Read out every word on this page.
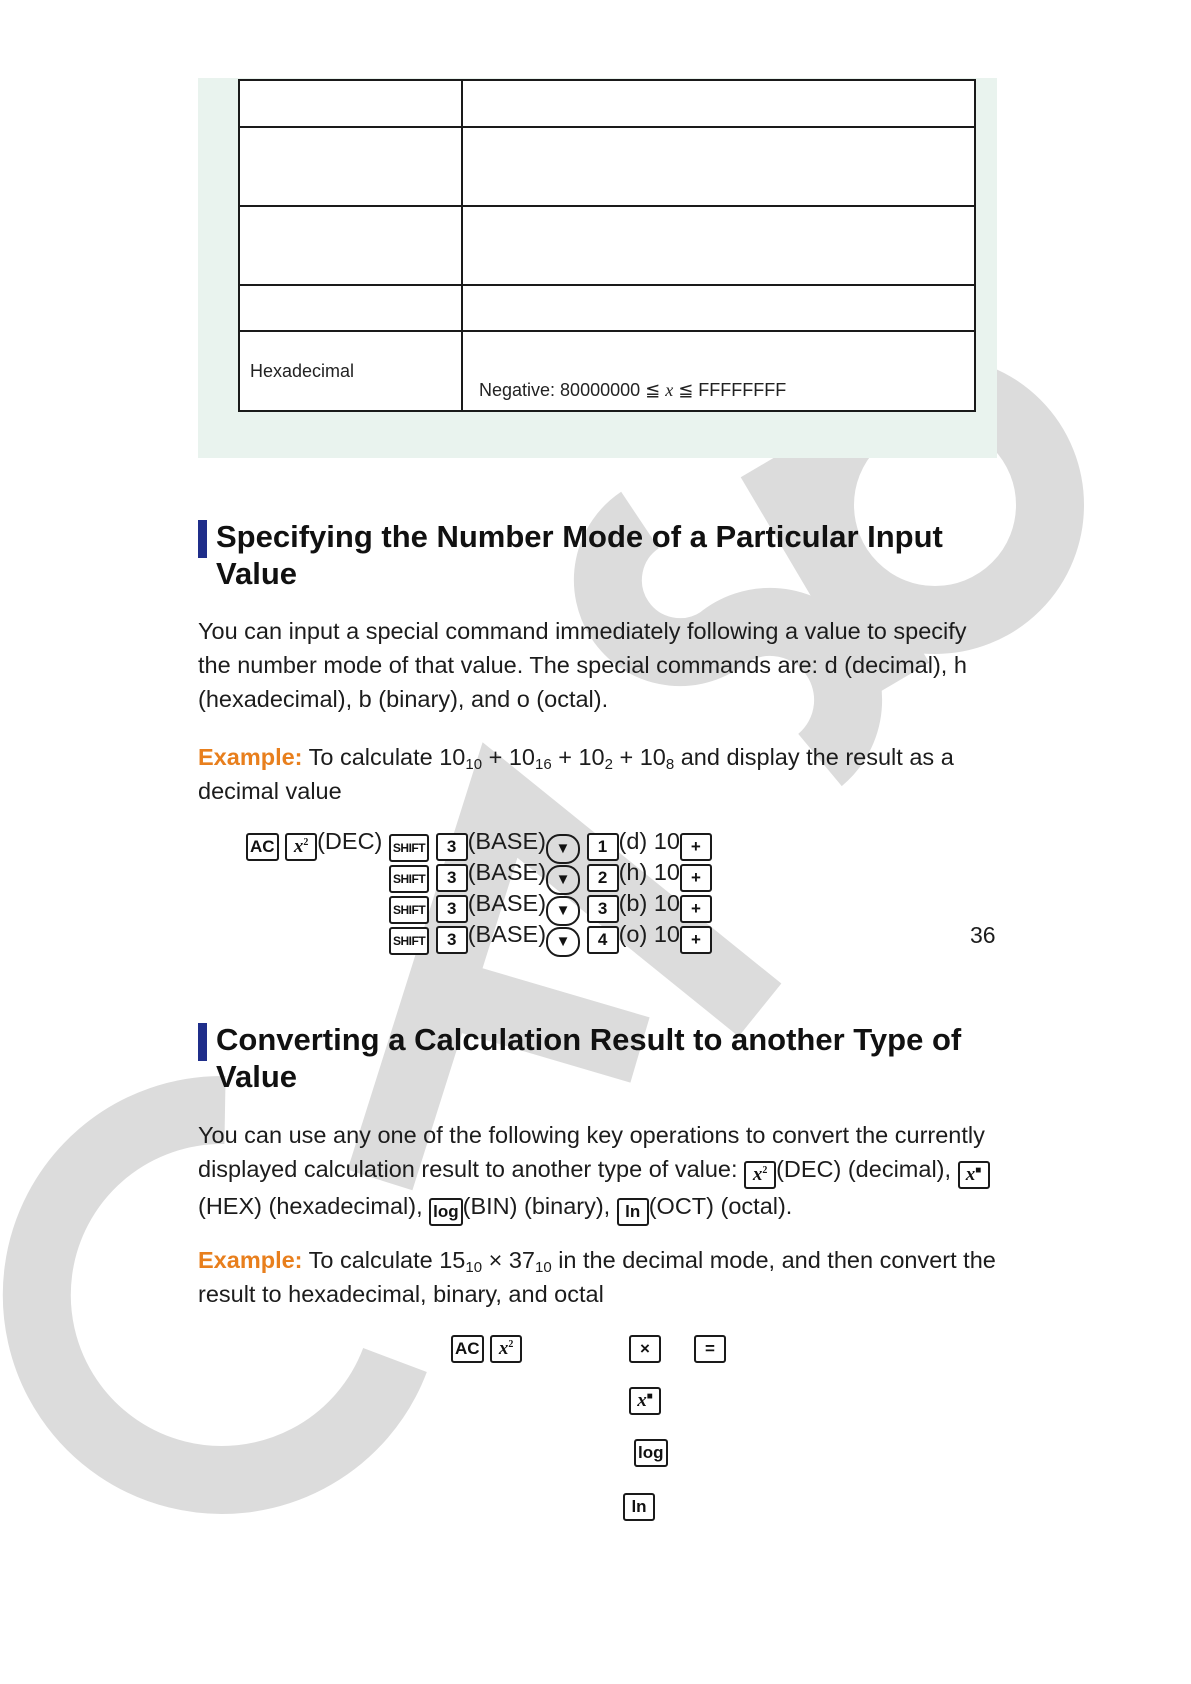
Hexadecimal	Negative: 80000000 ≦ x ≦ FFFFFFFF
Specifying the Number Mode of a Particular Input Value

You can input a special command immediately following a value to specify the number mode of that value. The special commands are: d (decimal), h (hexadecimal), b (binary), and o (octal).

Example: To calculate $10_{10} + 10_{16} + 10_2 + 10_8$ and display the result as a decimal value

AC $x^2$ (DEC) SHIFT 3 (BASE) ▼ 1 (d) 10 +
SHIFT 3 (BASE) ▼ 2 (h) 10 +
SHIFT 3 (BASE) ▼ 3 (b) 10 +
SHIFT 3 (BASE) ▼ 4 (o) 10 +	36
Converting a Calculation Result to another Type of Value

You can use any one of the following key operations to convert the currently displayed calculation result to another type of value: $x^2$ (DEC) (decimal), x■(HEX) (hexadecimal), log (BIN) (binary), ln (OCT) (octal).

Example: To calculate $15_{10} \times 37_{10}$ in the decimal mode, and then convert the result to hexadecimal, binary, and octal

AC $x^2$	×	=
x■
log
ln
